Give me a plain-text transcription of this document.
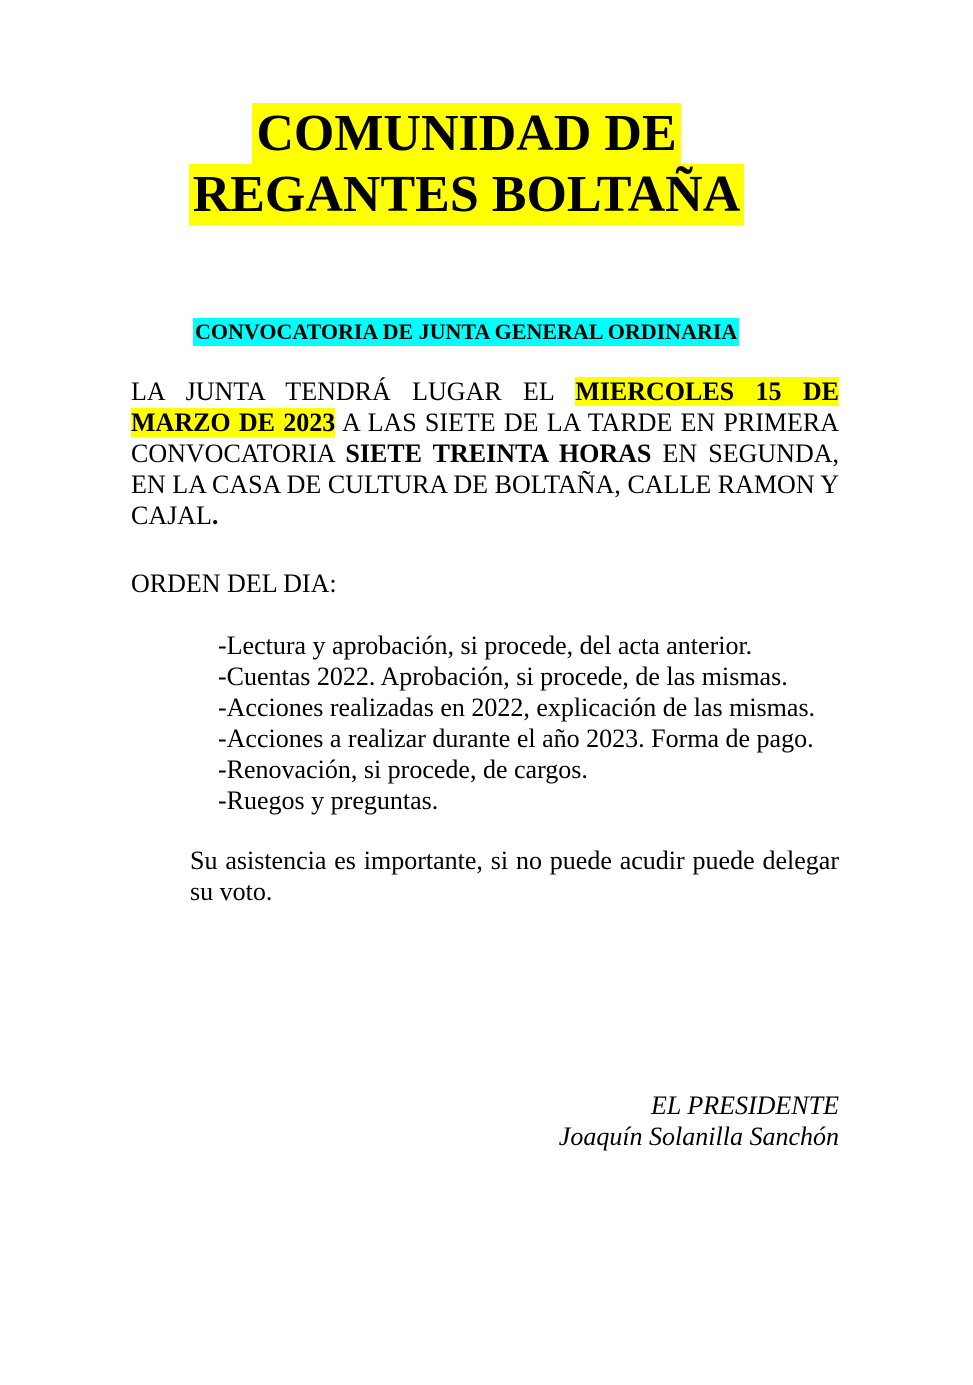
COMUNIDAD DE
REGANTES BOLTAÑA
CONVOCATORIA DE JUNTA GENERAL ORDINARIA
LA JUNTA TENDRÁ LUGAR EL MIERCOLES 15 DE MARZO DE 2023 A LAS SIETE DE LA TARDE EN PRIMERA CONVOCATORIA SIETE TREINTA HORAS EN SEGUNDA, EN LA CASA DE CULTURA DE BOLTAÑA, CALLE RAMON Y CAJAL.
ORDEN DEL DIA:
-Lectura y aprobación, si procede, del acta anterior.
-Cuentas 2022. Aprobación, si procede, de las mismas.
-Acciones realizadas en 2022, explicación de las mismas.
-Acciones a realizar durante el año 2023. Forma de pago.
-Renovación, si procede, de cargos.
-Ruegos y preguntas.
Su asistencia es importante, si no puede acudir puede delegar su voto.
EL PRESIDENTE
Joaquín Solanilla Sanchón
